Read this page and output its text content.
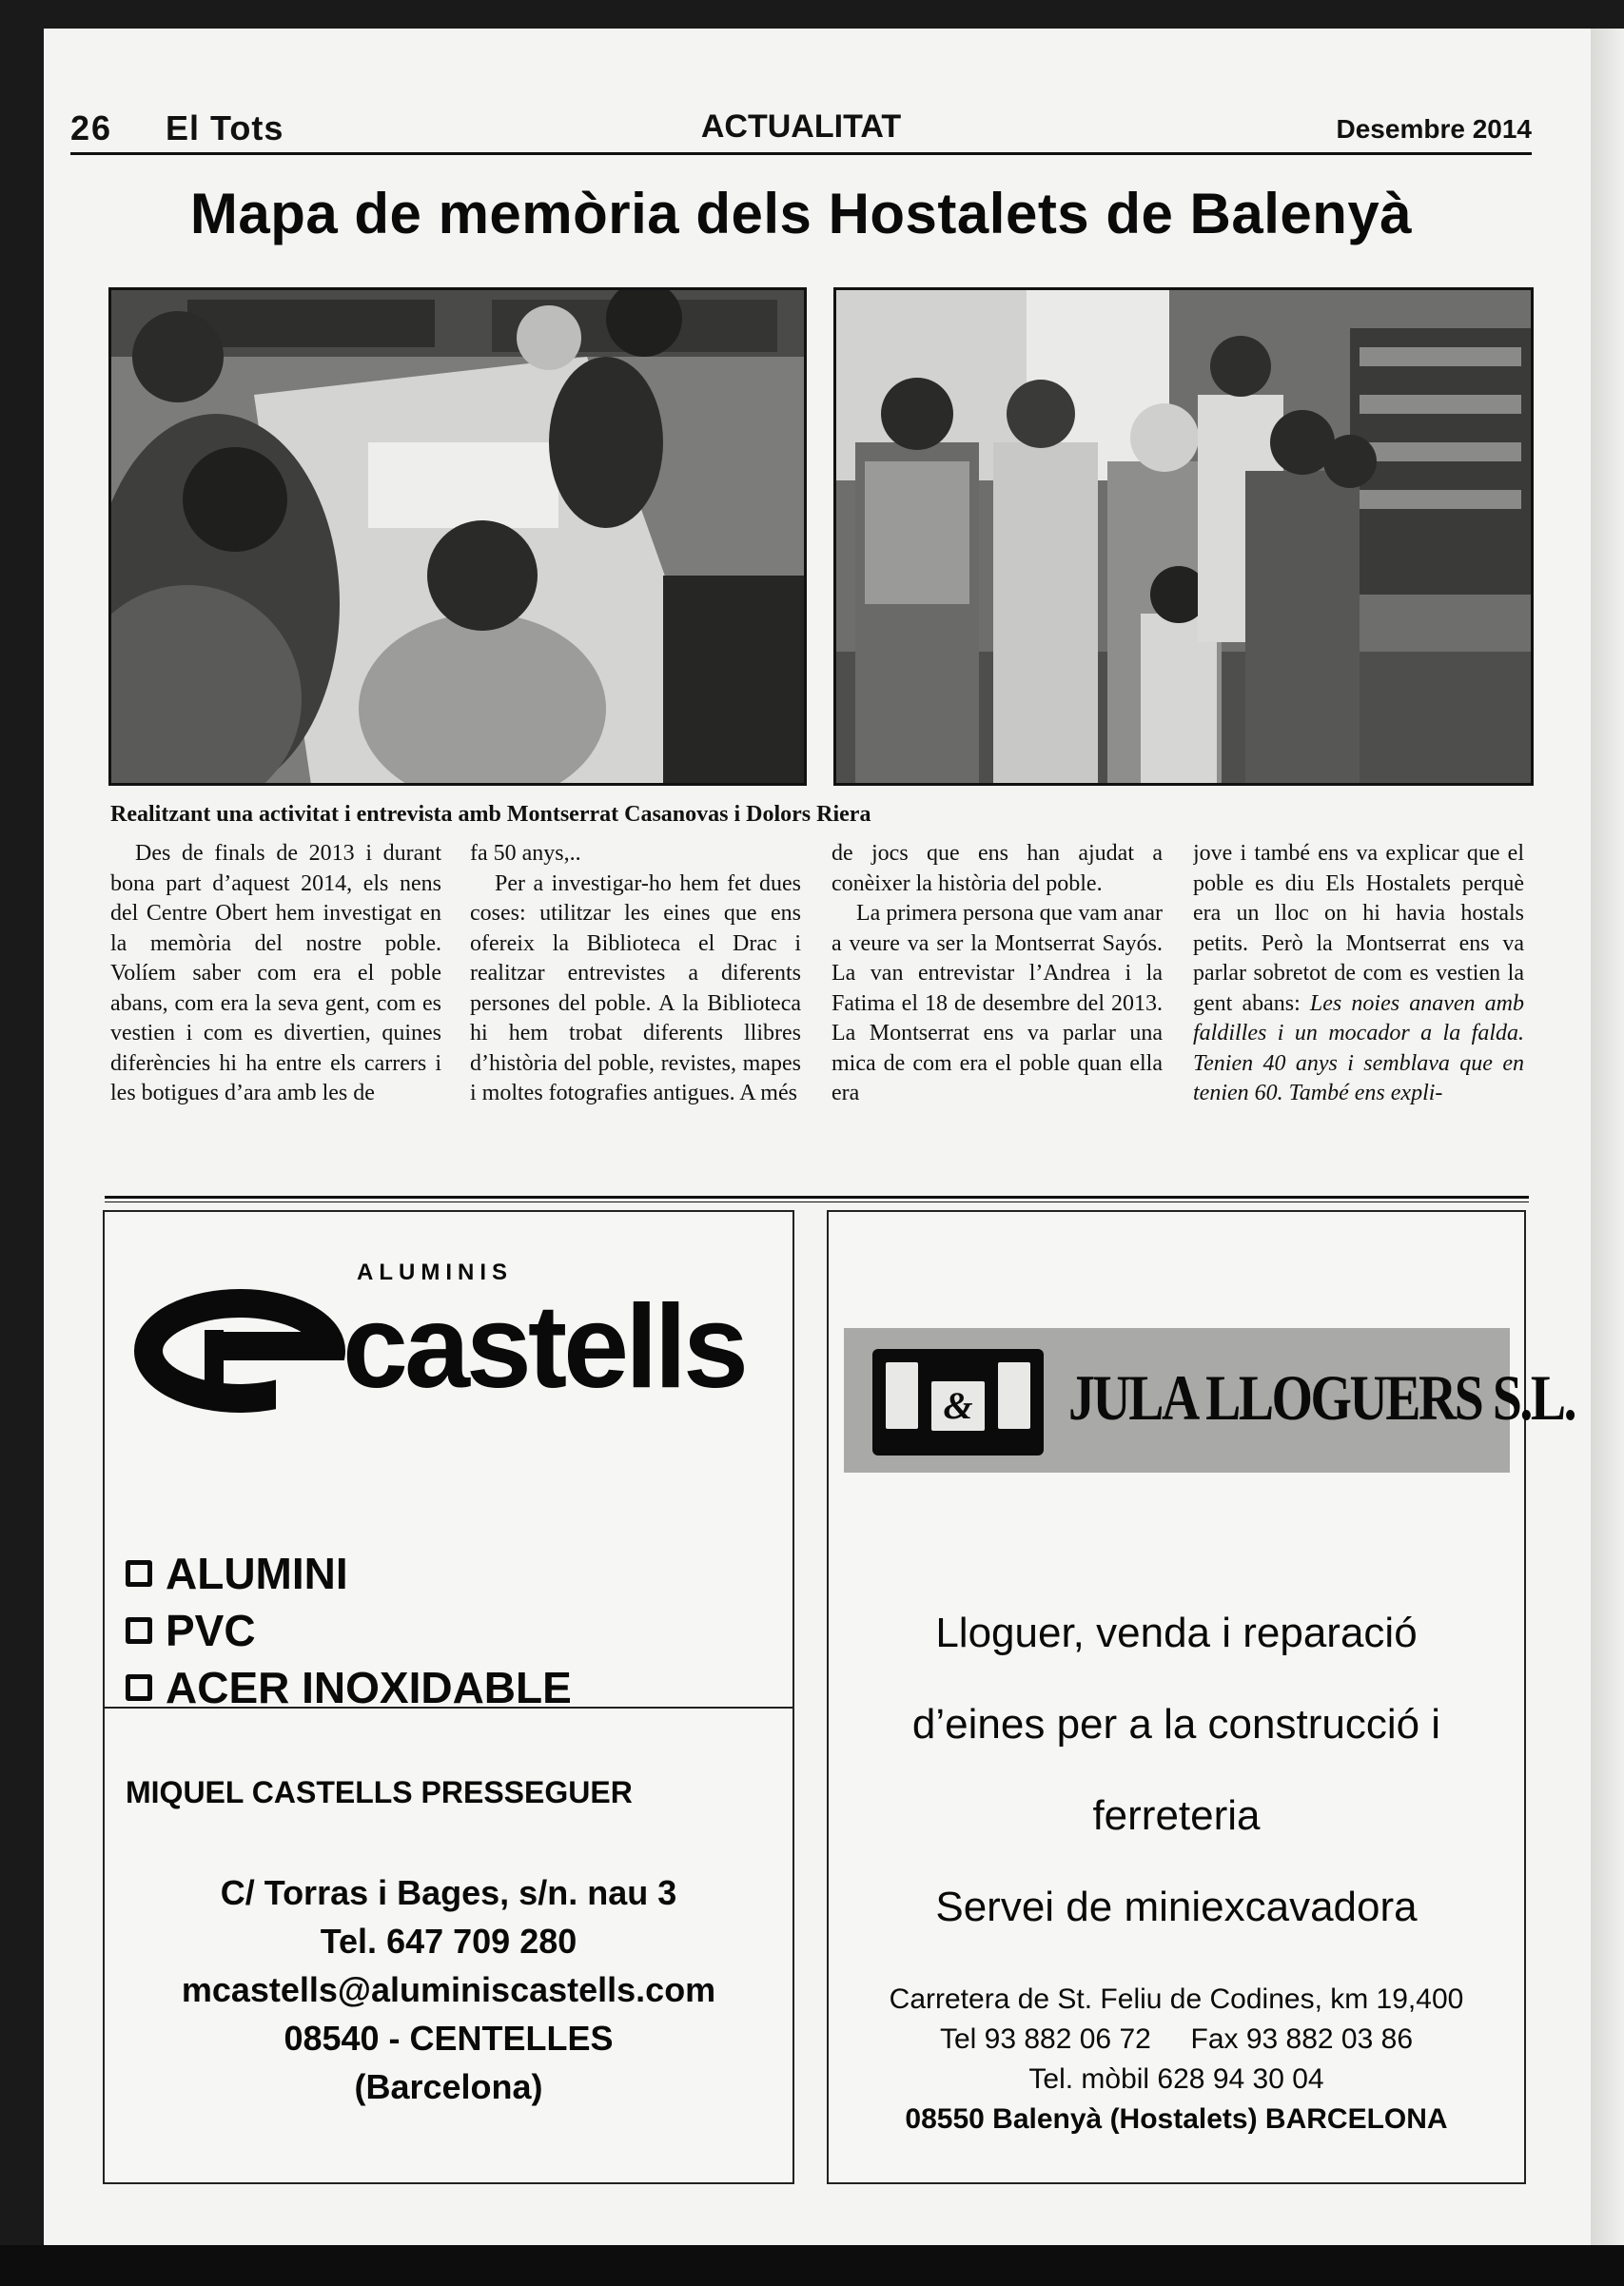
26 El Tots	ACTUALITAT	Desembre 2014
Mapa de memòria dels Hostalets de Balenyà
Realitzant una activitat i entrevista amb Montserrat Casanovas i Dolors Riera

Des de finals de 2013 i durant bona part d’aquest 2014, els nens del Centre Obert hem investigat en la memòria del nostre poble. Volíem saber com era el poble abans, com era la seva gent, com es vestien i com es divertien, quines diferències hi ha entre els carrers i les botigues d’ara amb les de

fa 50 anys,..

Per a investigar-ho hem fet dues coses: utilitzar les eines que ens ofereix la Biblioteca el Drac i realitzar entrevistes a diferents persones del poble. A la Biblioteca hi hem trobat diferents llibres d’història del poble, revistes, mapes i moltes fotografies antigues. A més

de jocs que ens han ajudat a conèixer la història del poble.

La primera persona que vam anar a veure va ser la Montserrat Sayós. La van entrevistar l’Andrea i la Fatima el 18 de desembre del 2013. La Montserrat ens va parlar una mica de com era el poble quan ella era

jove i també ens va explicar que el poble es diu Els Hostalets perquè era un lloc on hi havia hostals petits. Però la Montserrat ens va parlar sobretot de com es vestien la gent abans: Les noies anaven amb faldilles i un mocador a la falda. Tenien 40 anys i semblava que en tenien 60. També ens expli-

ALUMINIS
castells
ALUMINI
PVC
ACER INOXIDABLE
MIQUEL CASTELLS PRESSEGUER
C/ Torras i Bages, s/n. nau 3
Tel. 647 709 280
mcastells@aluminiscastells.com
08540 - CENTELLES
(Barcelona)
& JULA LLOGUERS S.L.
Lloguer, venda i reparació
d’eines per a la construcció i
ferreteria
Servei de miniexcavadora
Carretera de St. Feliu de Codines, km 19,400
Tel 93 882 06 72     Fax 93 882 03 86
Tel. mòbil 628 94 30 04
08550 Balenyà (Hostalets) BARCELONA
